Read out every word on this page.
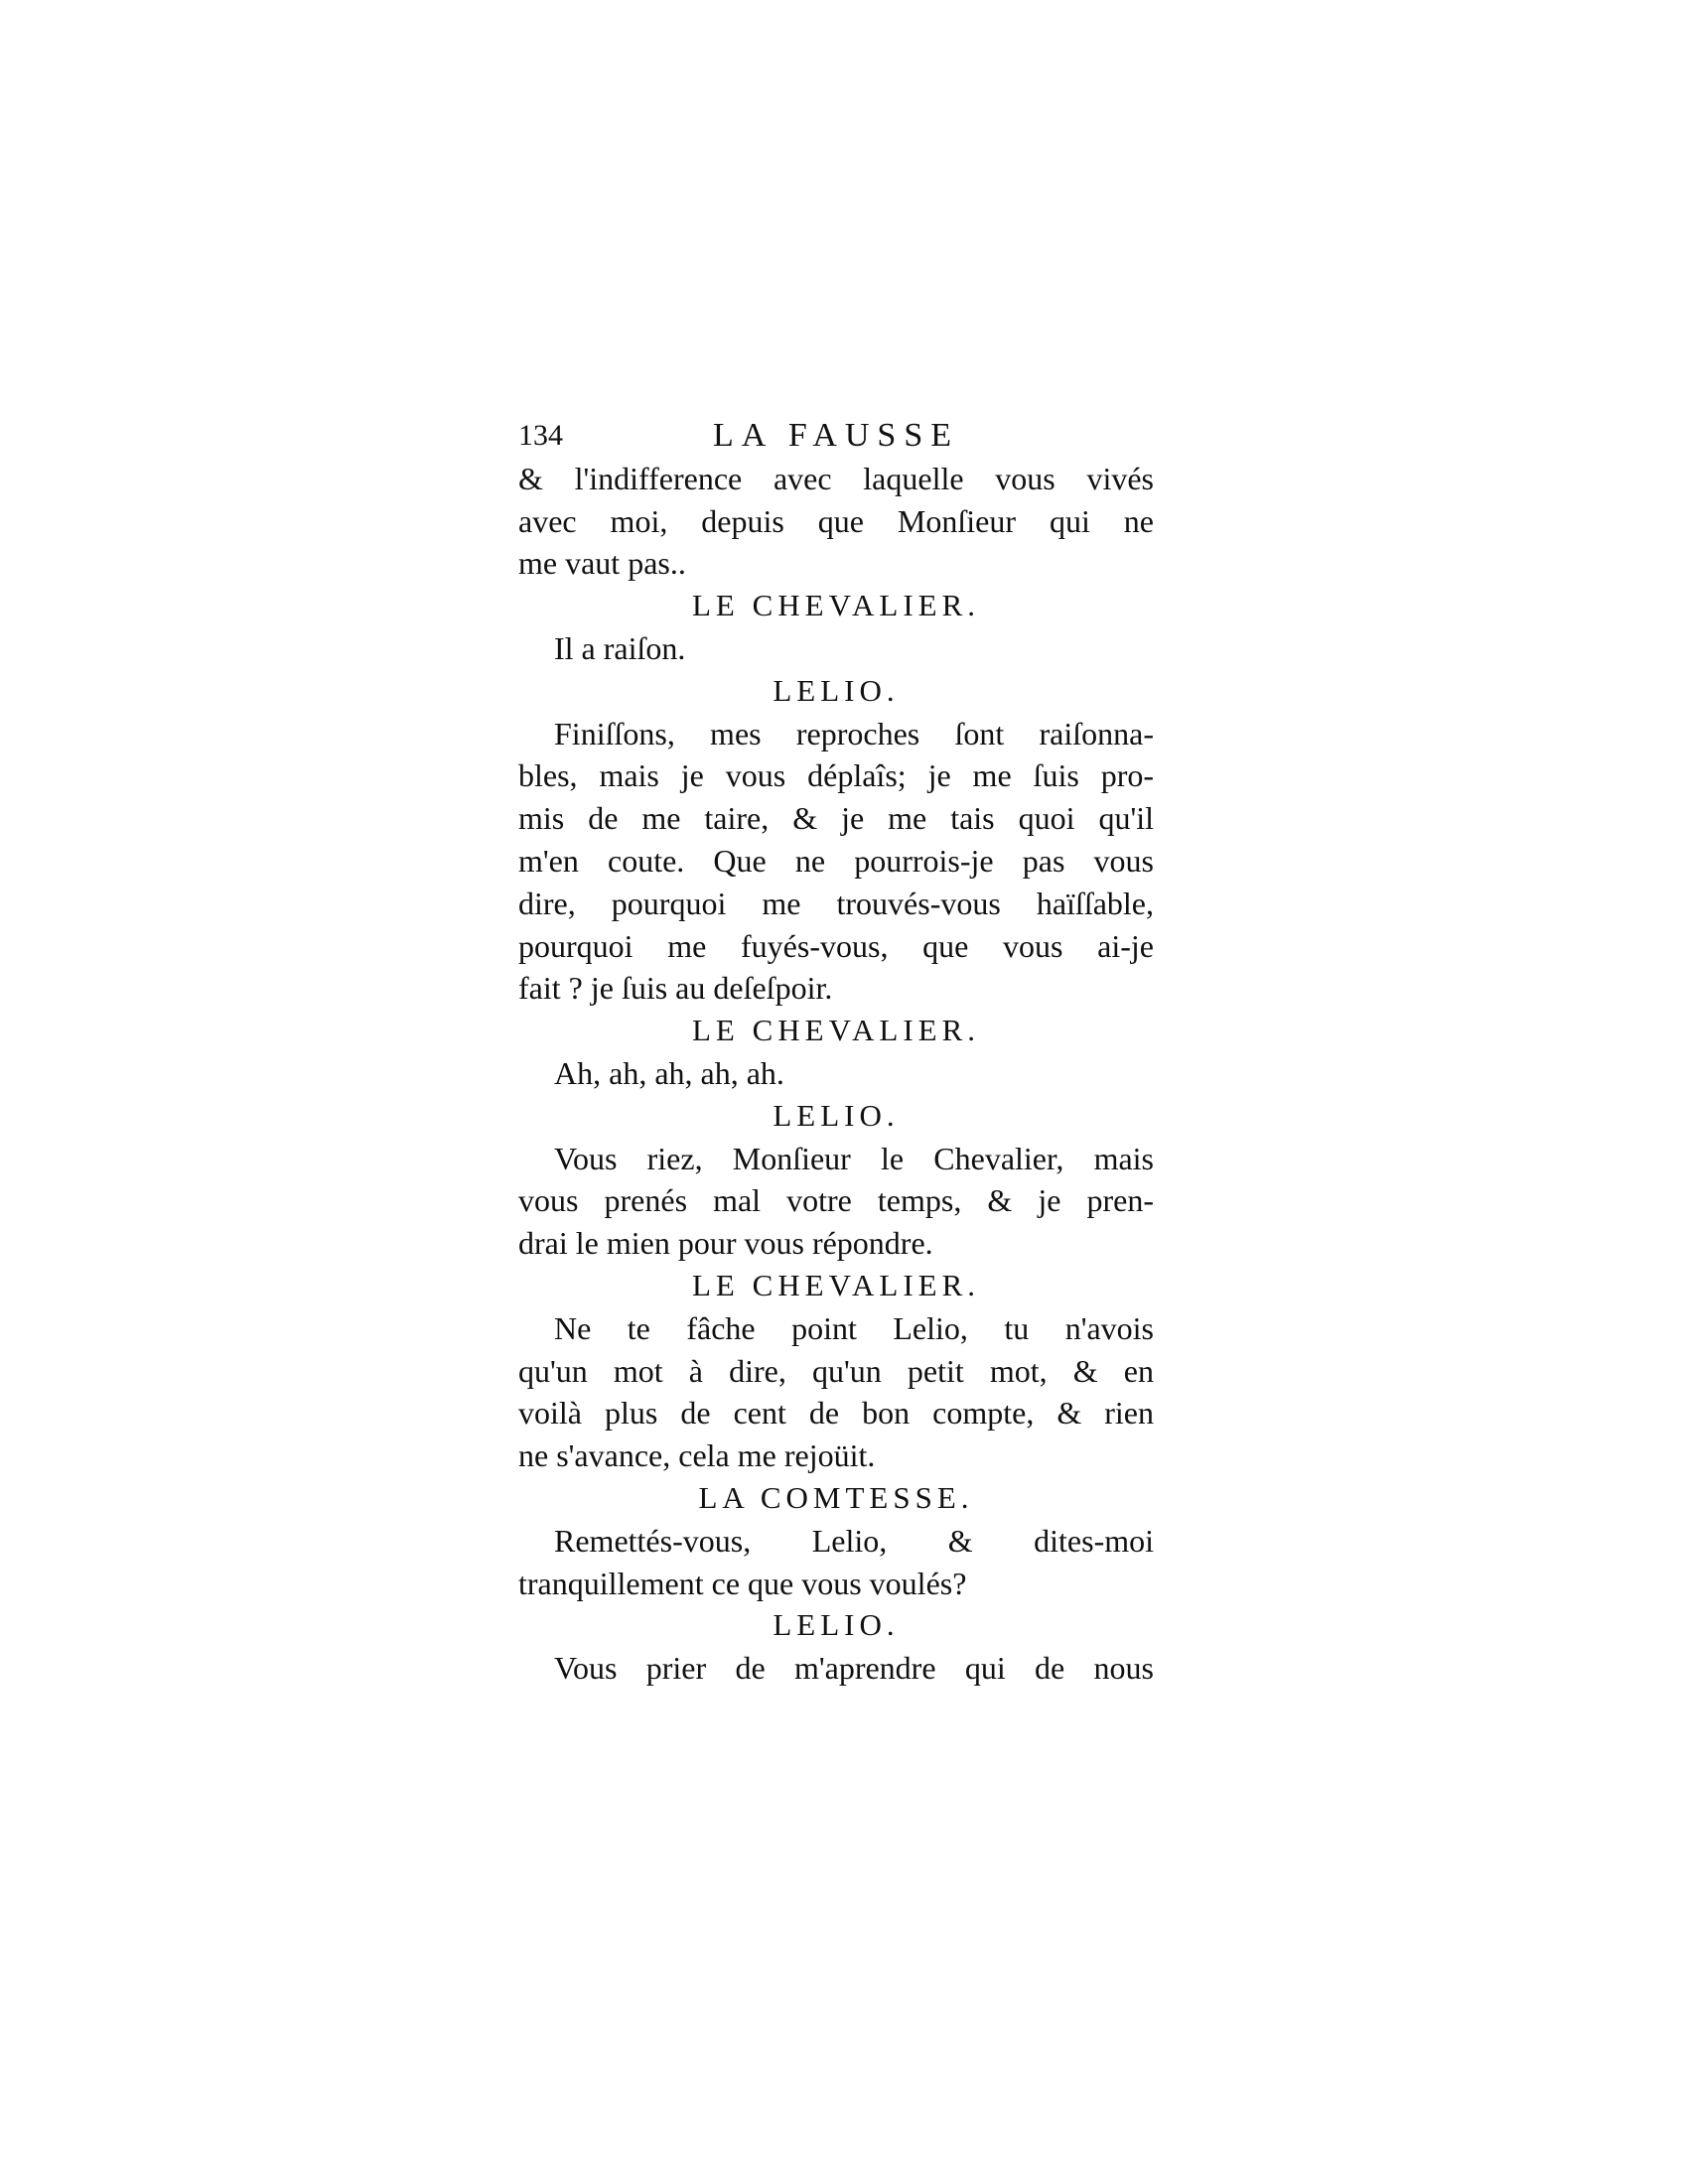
134	LA FAUSSE
& l'indifference avec laquelle vous vivés
avec moi, depuis que Monſieur qui ne
me vaut pas..
LE CHEVALIER.
Il a raiſon.
LELIO.
Finiſſons, mes reproches ſont raiſonna-
bles, mais je vous déplaîs; je me ſuis pro-
mis de me taire, & je me tais quoi qu'il
m'en coute. Que ne pourrois-je pas vous
dire, pourquoi me trouvés-vous haïſſable,
pourquoi me fuyés-vous, que vous ai-je
fait ? je ſuis au deſeſpoir.
LE CHEVALIER.
Ah, ah, ah, ah, ah.
LELIO.
Vous riez, Monſieur le Chevalier, mais
vous prenés mal votre temps, & je pren-
drai le mien pour vous répondre.
LE CHEVALIER.
Ne te fâche point Lelio, tu n'avois
qu'un mot à dire, qu'un petit mot, & en
voilà plus de cent de bon compte, & rien
ne s'avance, cela me rejoüit.
LA COMTESSE.
Remettés-vous, Lelio, & dites-moi
tranquillement ce que vous voulés?
LELIO.
Vous prier de m'aprendre qui de nous
